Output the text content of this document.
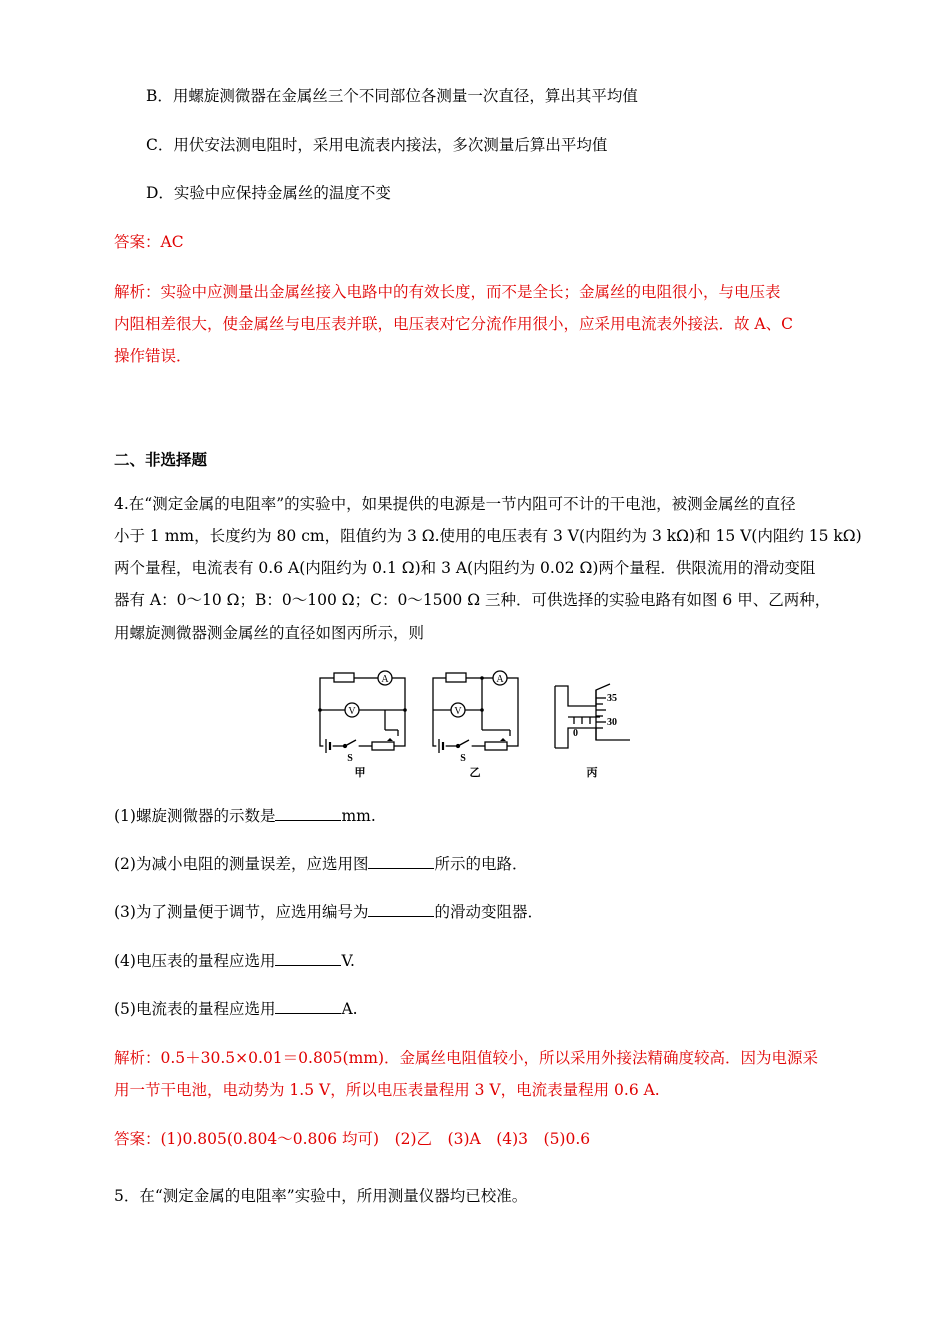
B．用螺旋测微器在金属丝三个不同部位各测量一次直径，算出其平均值
C．用伏安法测电阻时，采用电流表内接法，多次测量后算出平均值
D．实验中应保持金属丝的温度不变
答案：AC
解析：实验中应测量出金属丝接入电路中的有效长度，而不是全长；金属丝的电阻很小，与电压表
内阻相差很大，使金属丝与电压表并联，电压表对它分流作用很小，应采用电流表外接法．故 A、C
操作错误．
二、非选择题
4.在“测定金属的电阻率”的实验中，如果提供的电源是一节内阻可不计的干电池，被测金属丝的直径
小于 1 mm，长度约为 80 cm，阻值约为 3 Ω.使用的电压表有 3 V(内阻约为 3 kΩ)和 15 V(内阻约 15 kΩ)
两个量程，电流表有 0.6 A(内阻约为 0.1 Ω)和 3 A(内阻约为 0.02 Ω)两个量程．供限流用的滑动变阻
器有 A：0～10 Ω；B：0～100 Ω；C：0～1500 Ω 三种．可供选择的实验电路有如图 6 甲、乙两种，
用螺旋测微器测金属丝的直径如图丙所示，则
A
V
S
甲
A
V
S
乙
35
30
0
丙
(1)螺旋测微器的示数是	mm.
(2)为减小电阻的测量误差，应选用图	所示的电路．
(3)为了测量便于调节，应选用编号为	的滑动变阻器．
(4)电压表的量程应选用	V.
(5)电流表的量程应选用	A.
解析：0.5＋30.5×0.01＝0.805(mm)．金属丝电阻值较小，所以采用外接法精确度较高．因为电源采
用一节干电池，电动势为 1.5 V，所以电压表量程用 3 V，电流表量程用 0.6 A.
答案：(1)0.805(0.804～0.806 均可)　(2)乙　(3)A　(4)3　(5)0.6
5．在“测定金属的电阻率”实验中，所用测量仪器均已校准。
